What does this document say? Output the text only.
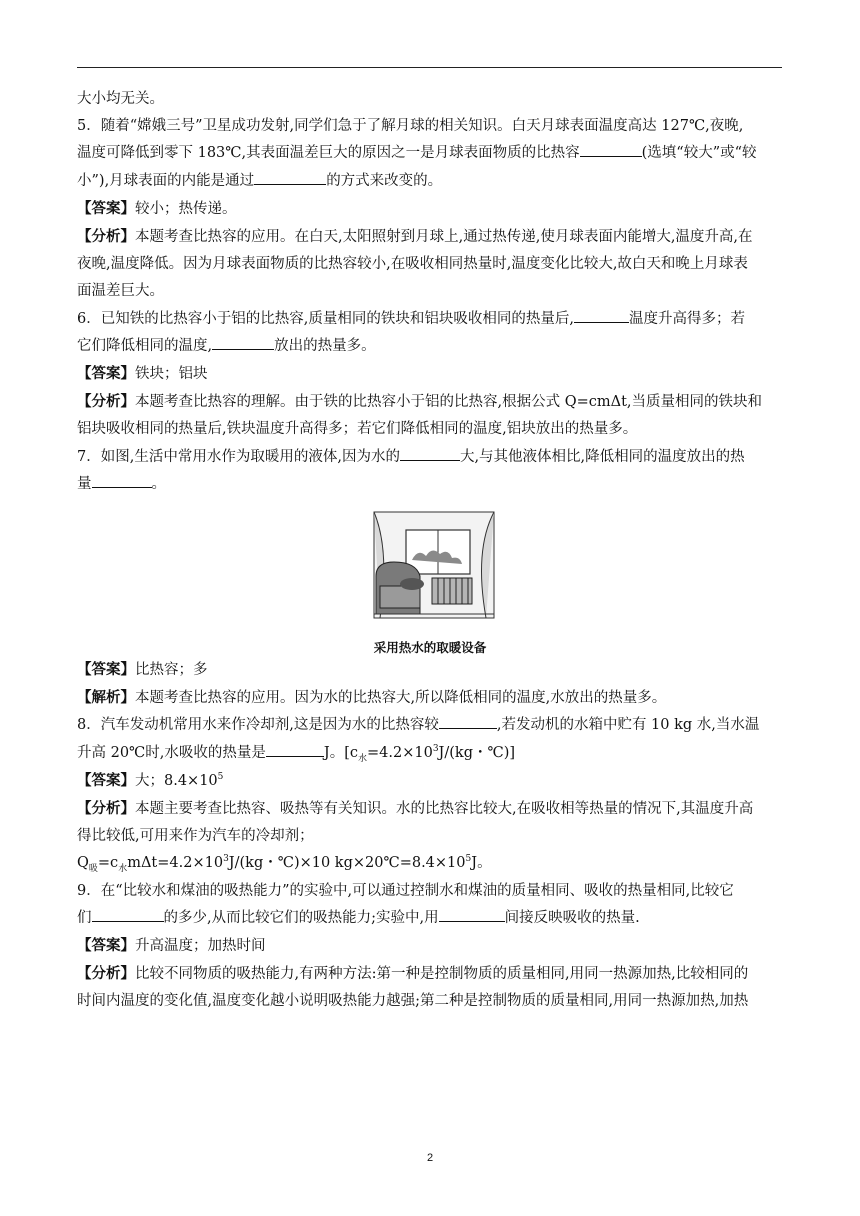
大小均无关。

5．随着“嫦娥三号”卫星成功发射,同学们急于了解月球的相关知识。白天月球表面温度高达 127℃,夜晚,

温度可降低到零下 183℃,其表面温差巨大的原因之一是月球表面物质的比热容	(选填“较大”或“较

小”),月球表面的内能是通过	的方式来改变的。

【答案】较小；热传递。

【分析】本题考查比热容的应用。在白天,太阳照射到月球上,通过热传递,使月球表面内能增大,温度升高,在

夜晚,温度降低。因为月球表面物质的比热容较小,在吸收相同热量时,温度变化比较大,故白天和晚上月球表

面温差巨大。

6．已知铁的比热容小于铝的比热容,质量相同的铁块和铝块吸收相同的热量后,	温度升高得多；若

它们降低相同的温度,	放出的热量多。

【答案】铁块；铝块

【分析】本题考查比热容的理解。由于铁的比热容小于铝的比热容,根据公式 Q=cmΔt,当质量相同的铁块和

铝块吸收相同的热量后,铁块温度升高得多；若它们降低相同的温度,铝块放出的热量多。

7．如图,生活中常用水作为取暖用的液体,因为水的	大,与其他液体相比,降低相同的温度放出的热

量	。

采用热水的取暖设备

【答案】比热容；多

【解析】本题考查比热容的应用。因为水的比热容大,所以降低相同的温度,水放出的热量多。

8．汽车发动机常用水来作冷却剂,这是因为水的比热容较	,若发动机的水箱中贮有 10 kg 水,当水温

升高 20℃时,水吸收的热量是	J。[$c_水=4.2\times 10^3J/(kg$・℃)]

【答案】大；$8.4\times 10^5$

【分析】本题主要考查比热容、吸热等有关知识。水的比热容比较大,在吸收相等热量的情况下,其温度升高

得比较低,可用来作为汽车的冷却剂；

$Q_吸=c_水m\Delta t=4.2\times 10^3J/(kg$・℃)×10 $kg\times 20℃=8.4\times 10^5J$。

9．在“比较水和煤油的吸热能力”的实验中,可以通过控制水和煤油的质量相同、吸收的热量相同,比较它

们	的多少,从而比较它们的吸热能力;实验中,用	间接反映吸收的热量.

【答案】升高温度；加热时间

【分析】比较不同物质的吸热能力,有两种方法:第一种是控制物质的质量相同,用同一热源加热,比较相同的

时间内温度的变化值,温度变化越小说明吸热能力越强;第二种是控制物质的质量相同,用同一热源加热,加热

2
